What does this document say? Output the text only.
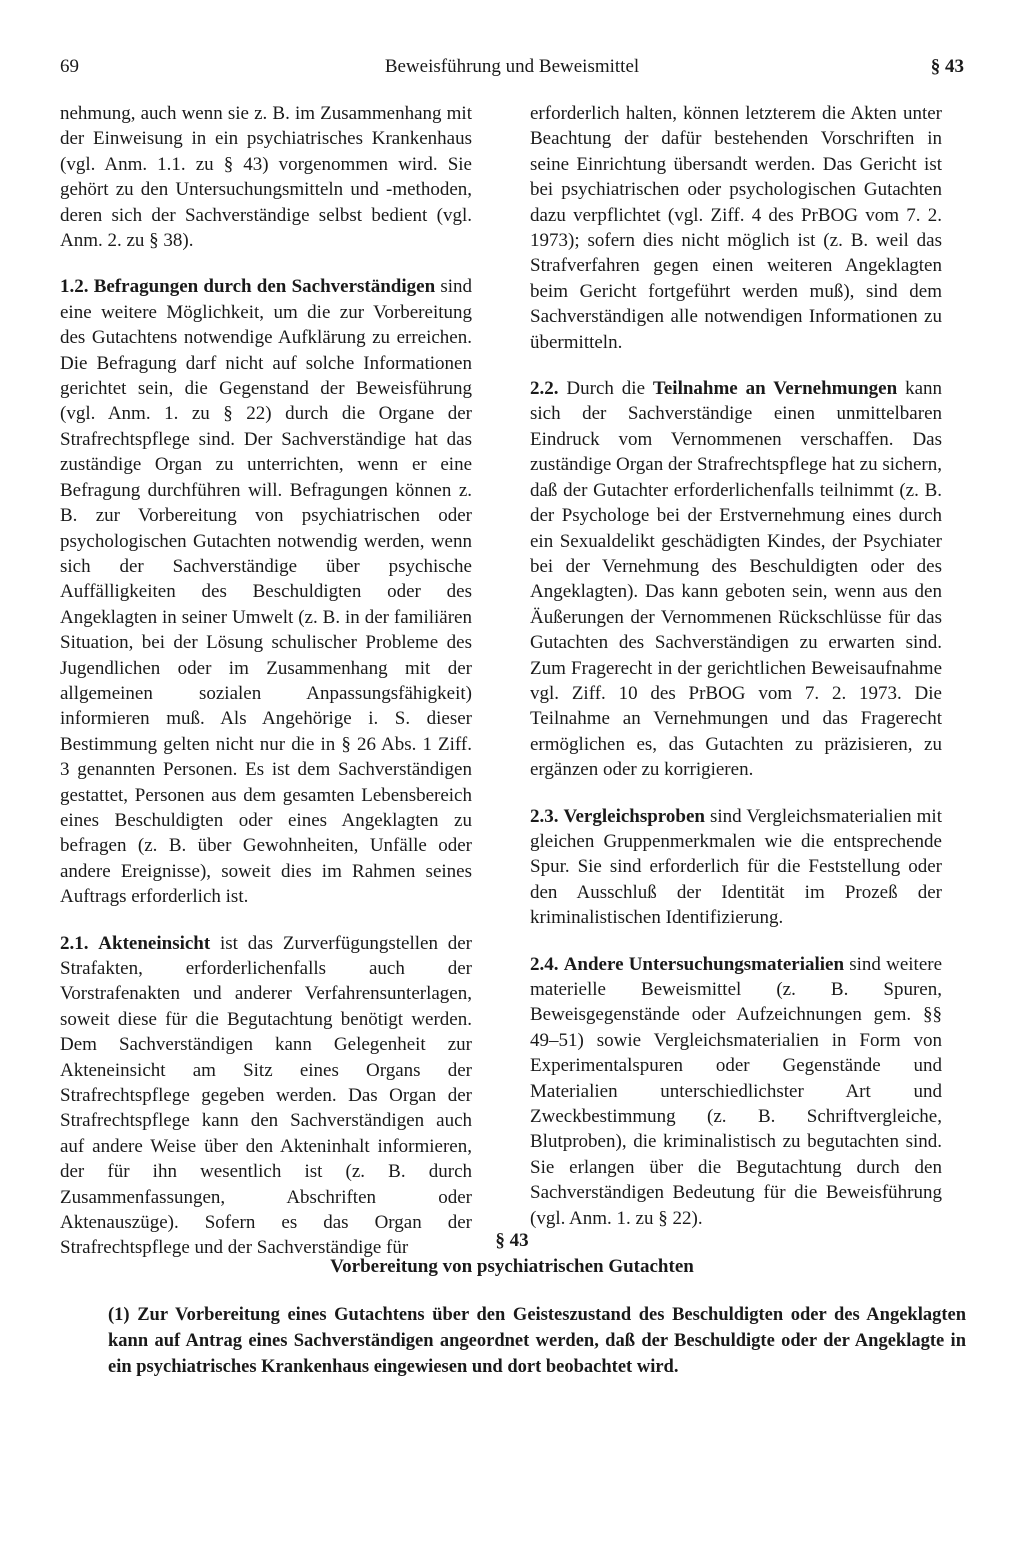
69	Beweisführung und Beweismittel	§ 43

nehmung, auch wenn sie z. B. im Zusammenhang mit der Einweisung in ein psychiatrisches Krankenhaus (vgl. Anm. 1.1. zu § 43) vorgenommen wird. Sie gehört zu den Untersuchungsmitteln und -methoden, deren sich der Sachverständige selbst bedient (vgl. Anm. 2. zu § 38).

1.2. Befragungen durch den Sachverständigen sind eine weitere Möglichkeit, um die zur Vorbereitung des Gutachtens notwendige Aufklärung zu erreichen. Die Befragung darf nicht auf solche Informationen gerichtet sein, die Gegenstand der Beweisführung (vgl. Anm. 1. zu § 22) durch die Organe der Strafrechtspflege sind. Der Sachverständige hat das zuständige Organ zu unterrichten, wenn er eine Befragung durchführen will. Befragungen können z. B. zur Vorbereitung von psychiatrischen oder psychologischen Gutachten notwendig werden, wenn sich der Sachverständige über psychische Auffälligkeiten des Beschuldigten oder des Angeklagten in seiner Umwelt (z. B. in der familiären Situation, bei der Lösung schulischer Probleme des Jugendlichen oder im Zusammenhang mit der allgemeinen sozialen Anpassungsfähigkeit) informieren muß. Als Angehörige i. S. dieser Bestimmung gelten nicht nur die in § 26 Abs. 1 Ziff. 3 genannten Personen. Es ist dem Sachverständigen gestattet, Personen aus dem gesamten Lebensbereich eines Beschuldigten oder eines Angeklagten zu befragen (z. B. über Gewohnheiten, Unfälle oder andere Ereignisse), soweit dies im Rahmen seines Auftrags erforderlich ist.

2.1. Akteneinsicht ist das Zurverfügungstellen der Strafakten, erforderlichenfalls auch der Vorstrafenakten und anderer Verfahrensunterlagen, soweit diese für die Begutachtung benötigt werden. Dem Sachverständigen kann Gelegenheit zur Akteneinsicht am Sitz eines Organs der Strafrechtspflege gegeben werden. Das Organ der Strafrechtspflege kann den Sachverständigen auch auf andere Weise über den Akteninhalt informieren, der für ihn wesentlich ist (z. B. durch Zusammenfassungen, Abschriften oder Aktenauszüge). Sofern es das Organ der Strafrechtspflege und der Sachverständige für

erforderlich halten, können letzterem die Akten unter Beachtung der dafür bestehenden Vorschriften in seine Einrichtung übersandt werden. Das Gericht ist bei psychiatrischen oder psychologischen Gutachten dazu verpflichtet (vgl. Ziff. 4 des PrBOG vom 7. 2. 1973); sofern dies nicht möglich ist (z. B. weil das Strafverfahren gegen einen weiteren Angeklagten beim Gericht fortgeführt werden muß), sind dem Sachverständigen alle notwendigen Informationen zu übermitteln.

2.2. Durch die Teilnahme an Vernehmungen kann sich der Sachverständige einen unmittelbaren Eindruck vom Vernommenen verschaffen. Das zuständige Organ der Strafrechtspflege hat zu sichern, daß der Gutachter erforderlichenfalls teilnimmt (z. B. der Psychologe bei der Erstvernehmung eines durch ein Sexualdelikt geschädigten Kindes, der Psychiater bei der Vernehmung des Beschuldigten oder des Angeklagten). Das kann geboten sein, wenn aus den Äußerungen der Vernommenen Rückschlüsse für das Gutachten des Sachverständigen zu erwarten sind. Zum Fragerecht in der gerichtlichen Beweisaufnahme vgl. Ziff. 10 des PrBOG vom 7. 2. 1973. Die Teilnahme an Vernehmungen und das Fragerecht ermöglichen es, das Gutachten zu präzisieren, zu ergänzen oder zu korrigieren.

2.3. Vergleichsproben sind Vergleichsmaterialien mit gleichen Gruppenmerkmalen wie die entsprechende Spur. Sie sind erforderlich für die Feststellung oder den Ausschluß der Identität im Prozeß der kriminalistischen Identifizierung.

2.4. Andere Untersuchungsmaterialien sind weitere materielle Beweismittel (z. B. Spuren, Beweisgegenstände oder Aufzeichnungen gem. §§ 49–51) sowie Vergleichsmaterialien in Form von Experimentalspuren oder Gegenstände und Materialien unterschiedlichster Art und Zweckbestimmung (z. B. Schriftvergleiche, Blutproben), die kriminalistisch zu begutachten sind. Sie erlangen über die Begutachtung durch den Sachverständigen Bedeutung für die Beweisführung (vgl. Anm. 1. zu § 22).

§ 43
Vorbereitung von psychiatrischen Gutachten
(1) Zur Vorbereitung eines Gutachtens über den Geisteszustand des Beschuldigten oder des Angeklagten kann auf Antrag eines Sachverständigen angeordnet werden, daß der Beschuldigte oder der Angeklagte in ein psychiatrisches Krankenhaus eingewiesen und dort beobachtet wird.
